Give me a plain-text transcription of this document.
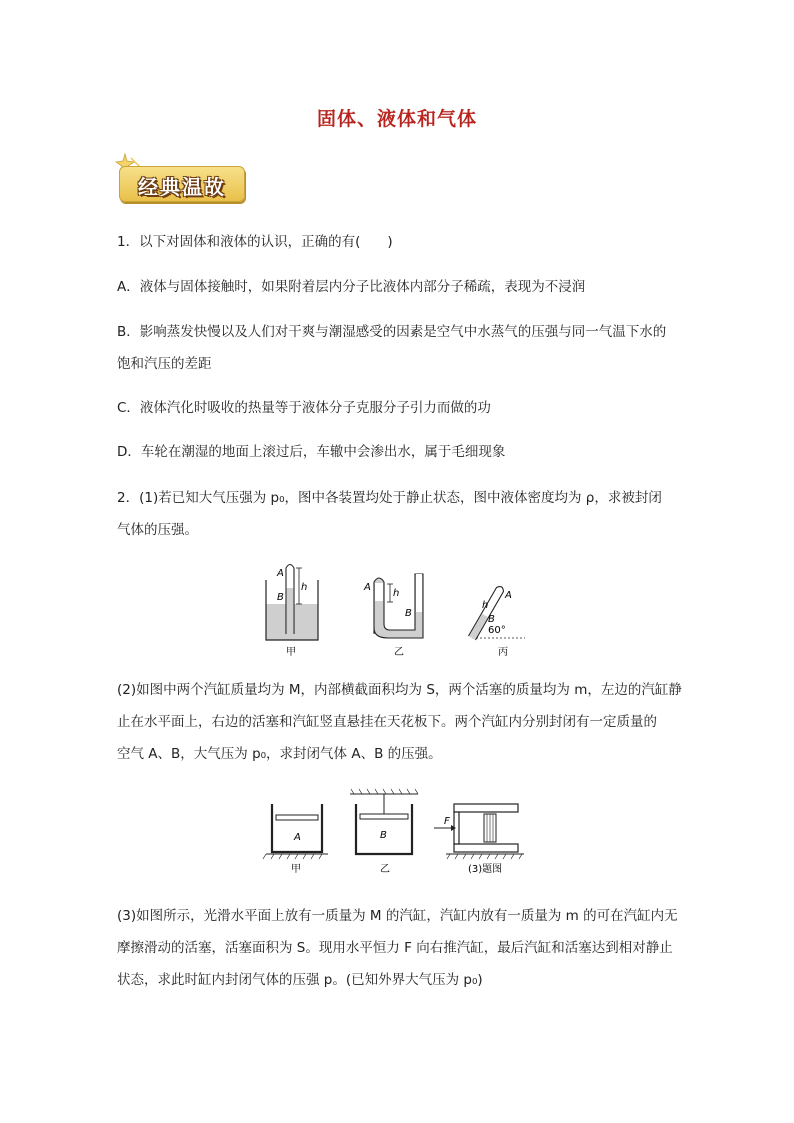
固体、液体和气体
经典温故
1．以下对固体和液体的认识，正确的有(　　)
A．液体与固体接触时，如果附着层内分子比液体内部分子稀疏，表现为不浸润
B．影响蒸发快慢以及人们对干爽与潮湿感受的因素是空气中水蒸气的压强与同一气温下水的
饱和汽压的差距
C．液体汽化时吸收的热量等于液体分子克服分子引力而做的功
D．车轮在潮湿的地面上滚过后，车辙中会渗出水，属于毛细现象
2．(1)若已知大气压强为 p₀，图中各装置均处于静止状态，图中液体密度均为 ρ，求被封闭
气体的压强。
A
B
h
甲
A
h
B
乙
60°
h
A
B
丙
(2)如图中两个汽缸质量均为 M，内部横截面积均为 S，两个活塞的质量均为 m，左边的汽缸静
止在水平面上，右边的活塞和汽缸竖直悬挂在天花板下。两个汽缸内分别封闭有一定质量的
空气 A、B，大气压为 p₀，求封闭气体 A、B 的压强。
A
甲
B
乙
F
(3)题图
(3)如图所示，光滑水平面上放有一质量为 M 的汽缸，汽缸内放有一质量为 m 的可在汽缸内无
摩擦滑动的活塞，活塞面积为 S。现用水平恒力 F 向右推汽缸，最后汽缸和活塞达到相对静止
状态，求此时缸内封闭气体的压强 p。(已知外界大气压为 p₀)
